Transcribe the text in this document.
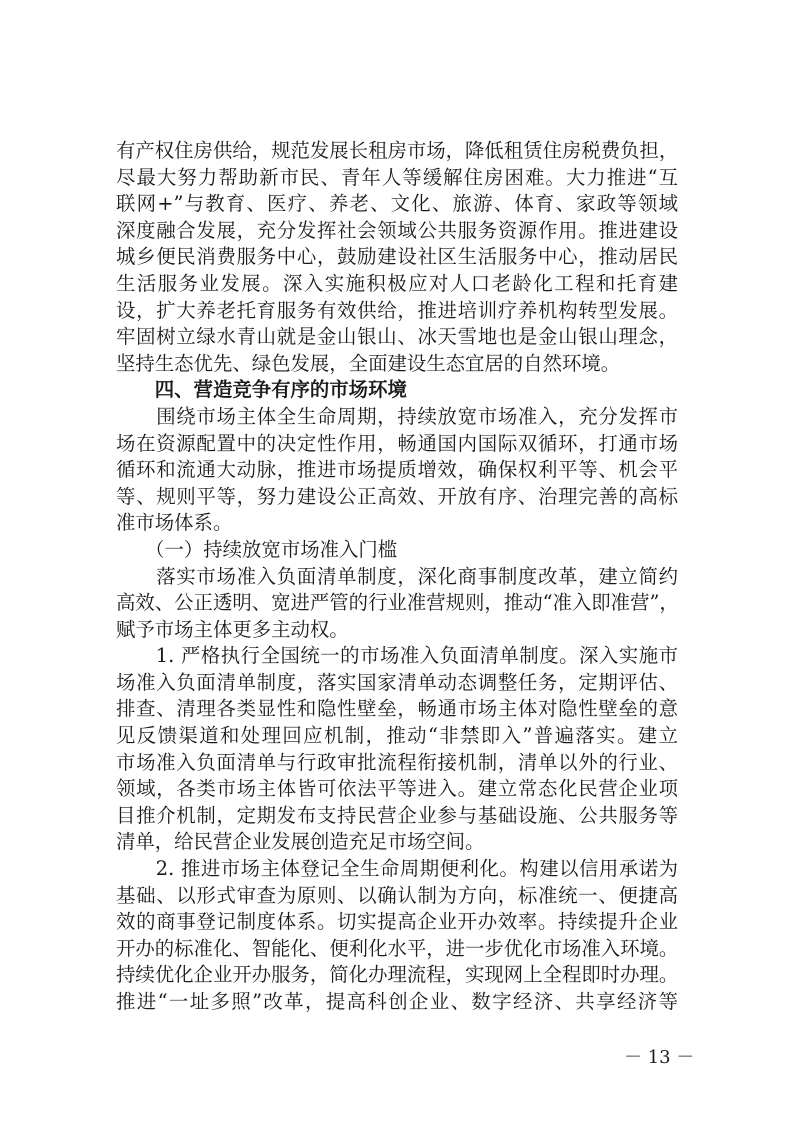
有产权住房供给，规范发展长租房市场，降低租赁住房税费负担，
尽最大努力帮助新市民、青年人等缓解住房困难。大力推进“互
联网+”与教育、医疗、养老、文化、旅游、体育、家政等领域
深度融合发展，充分发挥社会领域公共服务资源作用。推进建设
城乡便民消费服务中心，鼓励建设社区生活服务中心，推动居民
生活服务业发展。深入实施积极应对人口老龄化工程和托育建
设，扩大养老托育服务有效供给，推进培训疗养机构转型发展。
牢固树立绿水青山就是金山银山、冰天雪地也是金山银山理念，
坚持生态优先、绿色发展，全面建设生态宜居的自然环境。
　　四、营造竞争有序的市场环境
　　围绕市场主体全生命周期，持续放宽市场准入，充分发挥市
场在资源配置中的决定性作用，畅通国内国际双循环，打通市场
循环和流通大动脉，推进市场提质增效，确保权利平等、机会平
等、规则平等，努力建设公正高效、开放有序、治理完善的高标
准市场体系。
　　（一）持续放宽市场准入门槛
　　落实市场准入负面清单制度，深化商事制度改革，建立简约
高效、公正透明、宽进严管的行业准营规则，推动“准入即准营”，
赋予市场主体更多主动权。
　　1. 严格执行全国统一的市场准入负面清单制度。深入实施市
场准入负面清单制度，落实国家清单动态调整任务，定期评估、
排查、清理各类显性和隐性壁垒，畅通市场主体对隐性壁垒的意
见反馈渠道和处理回应机制，推动“非禁即入”普遍落实。建立
市场准入负面清单与行政审批流程衔接机制，清单以外的行业、
领域，各类市场主体皆可依法平等进入。建立常态化民营企业项
目推介机制，定期发布支持民营企业参与基础设施、公共服务等
清单，给民营企业发展创造充足市场空间。
　　2. 推进市场主体登记全生命周期便利化。构建以信用承诺为
基础、以形式审查为原则、以确认制为方向，标准统一、便捷高
效的商事登记制度体系。切实提高企业开办效率。持续提升企业
开办的标准化、智能化、便利化水平，进一步优化市场准入环境。
持续优化企业开办服务，简化办理流程，实现网上全程即时办理。
推进“一址多照”改革，提高科创企业、数字经济、共享经济等
－ 13 －
